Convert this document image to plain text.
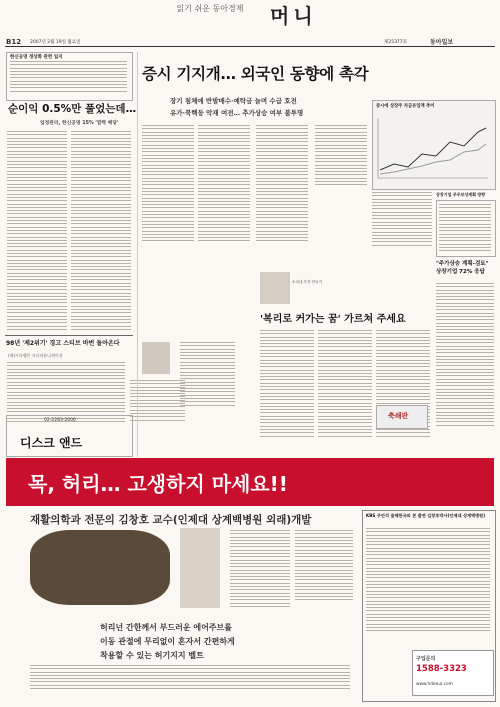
읽기 쉬운 동아경제	머니
B12 2007년 2월 19일 월요일	제25377호	동아일보
한신공영 정상화 관련 일지
순이익 0.5%만 풀었는데…
업정관리, 한신공영 15% '깜짝 배당'
98년 '제2위기' 경고 스티브 바번 돌아온다
(재)프라벨은 자녀커뮤니케이션
02-2283-2000
디스크 앤드
증시 기지개… 외국인 동향에 촉각
장기 침체에 반발매수·예탁금 늘며 수급 호전
유가·북핵등 악재 여전… 추가상승 여부 불투명
증시에 상장주 자금유입액 추이
상장기업 주주보상계획 방향
"주가상승 계획-검토" 상장기업 72% 응답
소리네 부자 만들기
'복리로 커가는 꿈' 가르쳐 주세요
축쇄판
목, 허리… 고생하지 마세요!!
재활의학과 전문의 김창호 교수(인제대 상계백병원 외래)개발	KBS 주안석 올해한국의 본 출연 김창호박사(인제대 상계백병원)
허리넌 간한께서 부드러운 에어주브롤
이동 관절에 무리없이 혼자서 간편하게
착용할 수 있는 허기지지 벨트	구입문의
1588-3323
www.hdenul.com
